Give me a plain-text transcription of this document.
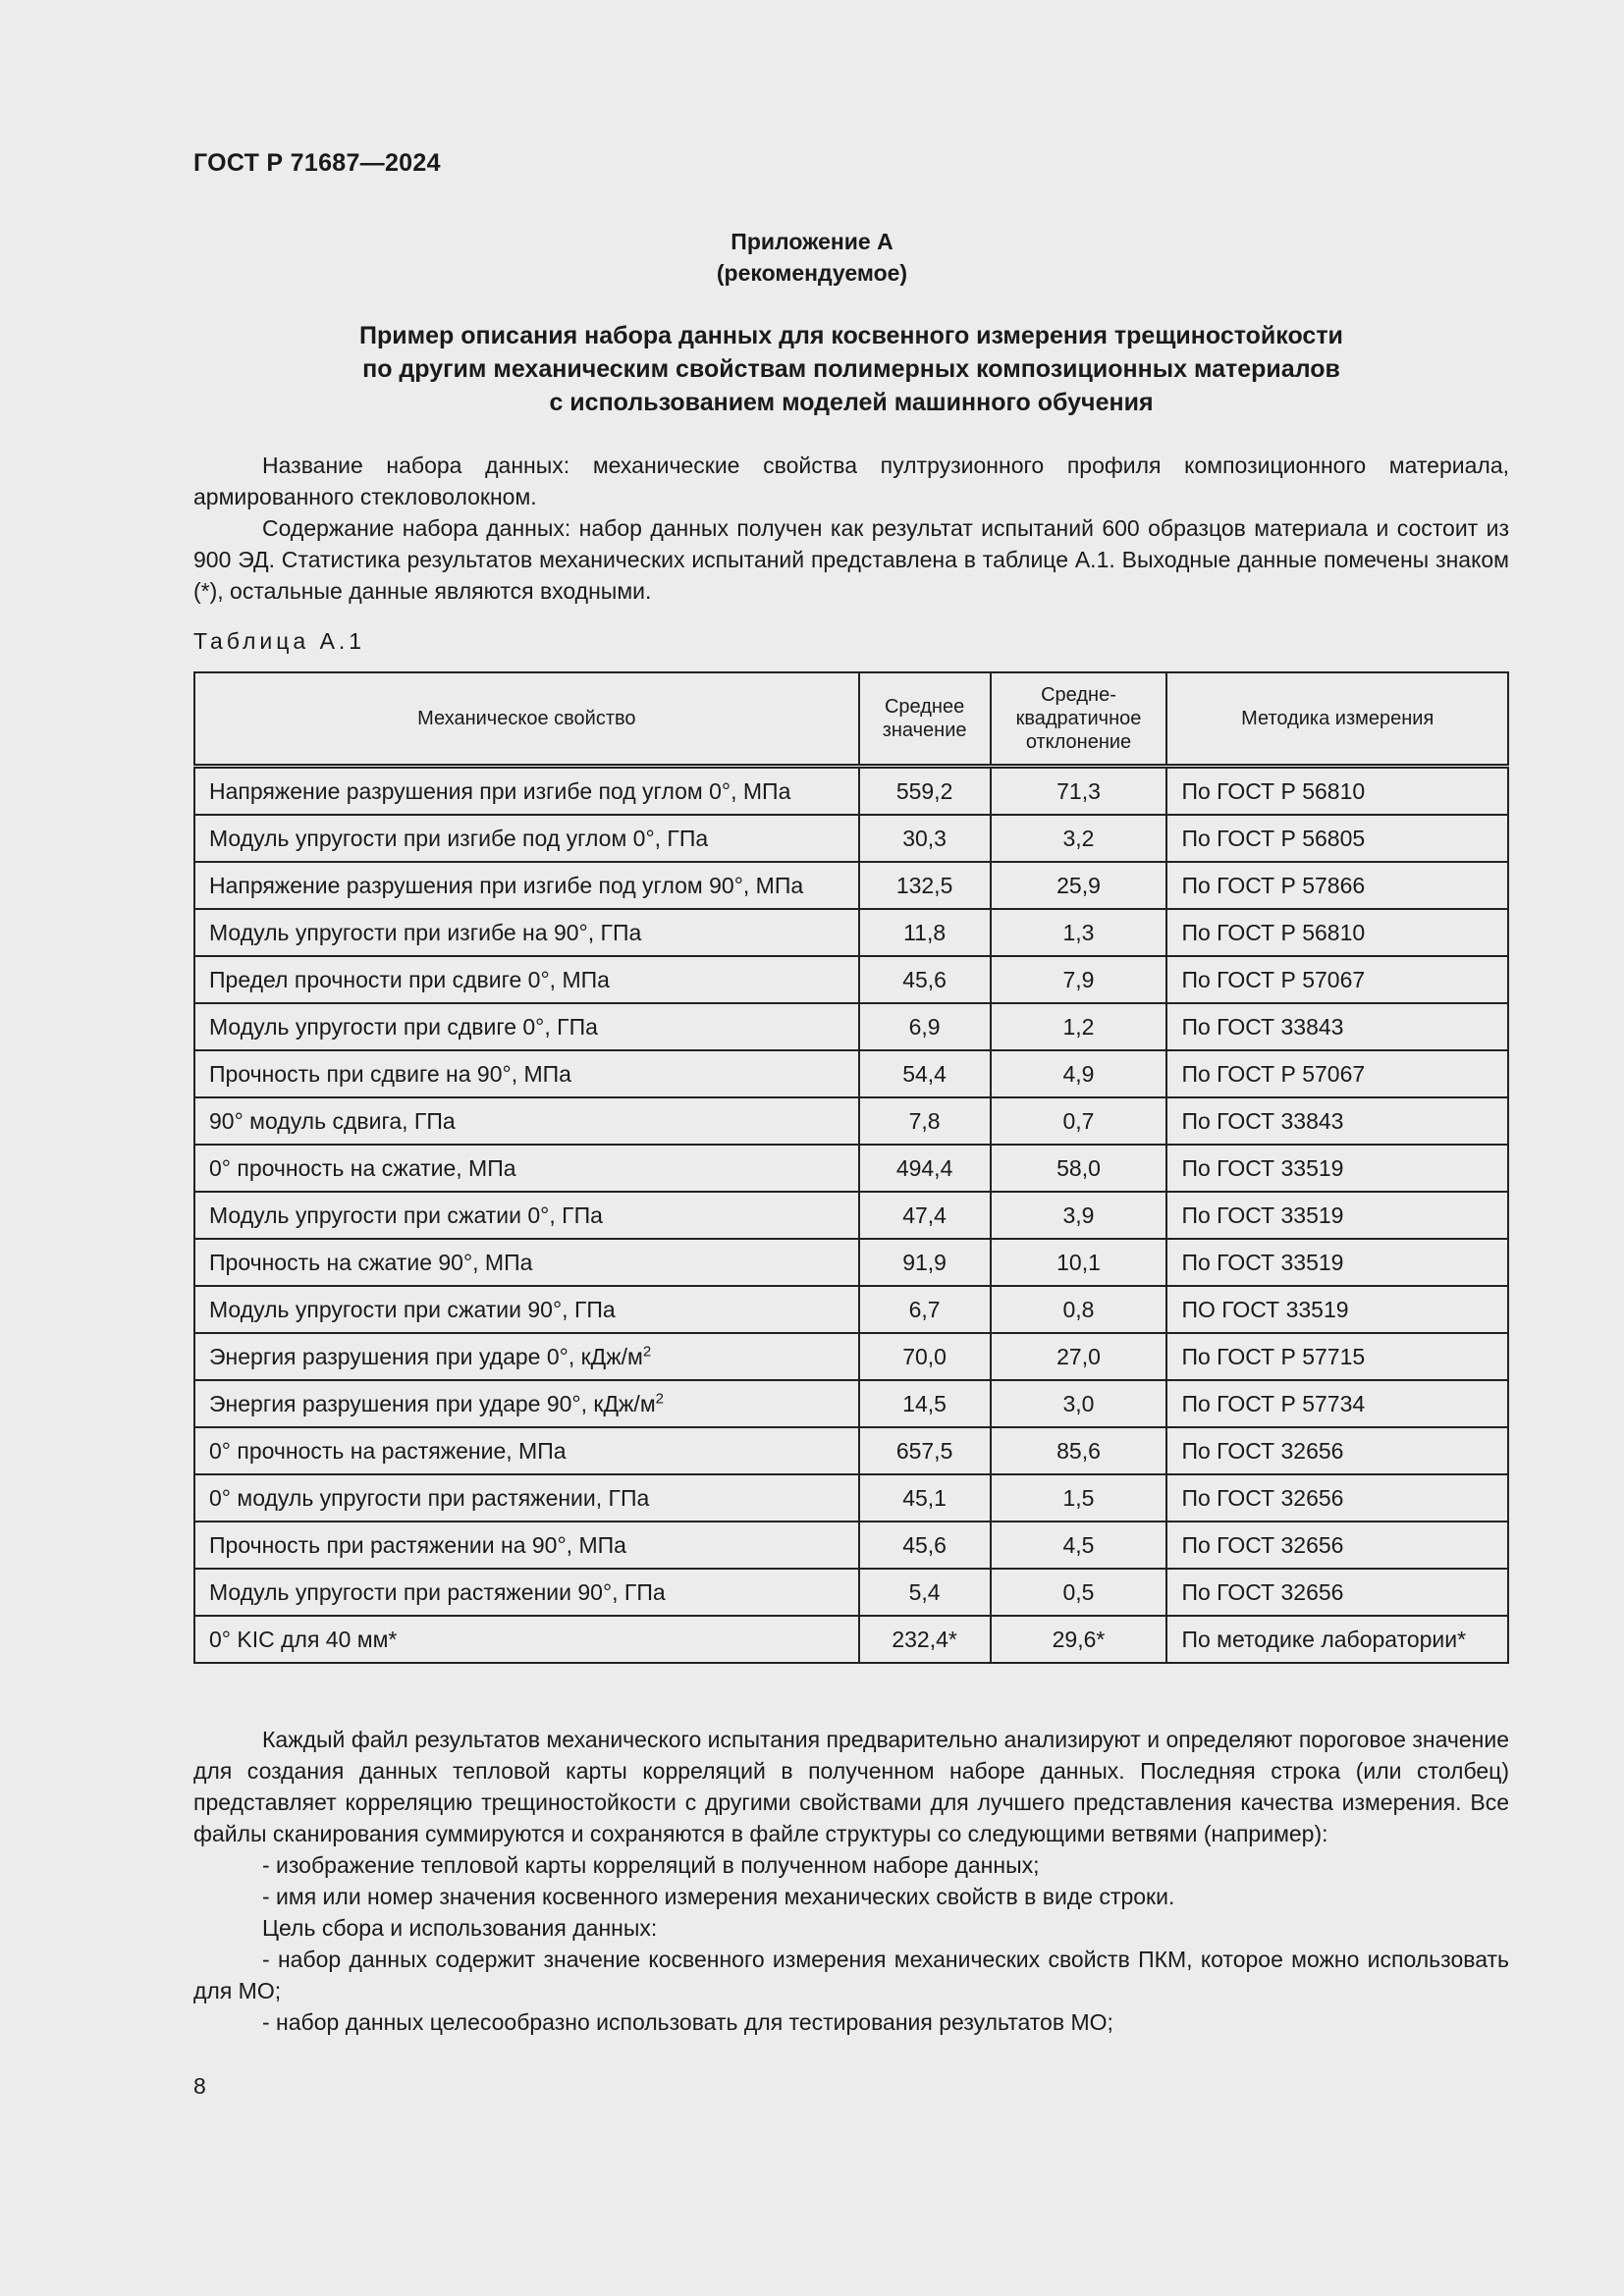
ГОСТ Р 71687—2024
Приложение А
(рекомендуемое)
Пример описания набора данных для косвенного измерения трещиностойкости
по другим механическим свойствам полимерных композиционных материалов
с использованием моделей машинного обучения

Название набора данных: механические свойства пултрузионного профиля композиционного материала, армированного стекловолокном.

Содержание набора данных: набор данных получен как результат испытаний 600 образцов материала и состоит из 900 ЭД. Статистика результатов механических испытаний представлена в таблице А.1. Выходные данные помечены знаком (*), остальные данные являются входными.

Таблица А.1
Механическое свойство	Среднее значение	Средне-квадратичное отклонение	Методика измерения
Напряжение разрушения при изгибе под углом 0°, МПа	559,2	71,3	По ГОСТ Р 56810
Модуль упругости при изгибе под углом 0°, ГПа	30,3	3,2	По ГОСТ Р 56805
Напряжение разрушения при изгибе под углом 90°, МПа	132,5	25,9	По ГОСТ Р 57866
Модуль упругости при изгибе на 90°, ГПа	11,8	1,3	По ГОСТ Р 56810
Предел прочности при сдвиге 0°, МПа	45,6	7,9	По ГОСТ Р 57067
Модуль упругости при сдвиге 0°, ГПа	6,9	1,2	По ГОСТ 33843
Прочность при сдвиге на 90°, МПа	54,4	4,9	По ГОСТ Р 57067
90° модуль сдвига, ГПа	7,8	0,7	По ГОСТ 33843
0° прочность на сжатие, МПа	494,4	58,0	По ГОСТ 33519
Модуль упругости при сжатии 0°, ГПа	47,4	3,9	По ГОСТ 33519
Прочность на сжатие 90°, МПа	91,9	10,1	По ГОСТ 33519
Модуль упругости при сжатии 90°, ГПа	6,7	0,8	ПО ГОСТ 33519
Энергия разрушения при ударе 0°, кДж/$м^2$	70,0	27,0	По ГОСТ Р 57715
Энергия разрушения при ударе 90°, кДж/$м^2$	14,5	3,0	По ГОСТ Р 57734
0° прочность на растяжение, МПа	657,5	85,6	По ГОСТ 32656
0° модуль упругости при растяжении, ГПа	45,1	1,5	По ГОСТ 32656
Прочность при растяжении на 90°, МПа	45,6	4,5	По ГОСТ 32656
Модуль упругости при растяжении 90°, ГПа	5,4	0,5	По ГОСТ 32656
0° KIC для 40 мм*	232,4*	29,6*	По методике лаборатории*

Каждый файл результатов механического испытания предварительно анализируют и определяют пороговое значение для создания данных тепловой карты корреляций в полученном наборе данных. Последняя строка (или столбец) представляет корреляцию трещиностойкости с другими свойствами для лучшего представления качества измерения. Все файлы сканирования суммируются и сохраняются в файле структуры со следующими ветвями (например):

- изображение тепловой карты корреляций в полученном наборе данных;

- имя или номер значения косвенного измерения механических свойств в виде строки.

Цель сбора и использования данных:

- набор данных содержит значение косвенного измерения механических свойств ПКМ, которое можно использовать для МО;

- набор данных целесообразно использовать для тестирования результатов МО;

8
